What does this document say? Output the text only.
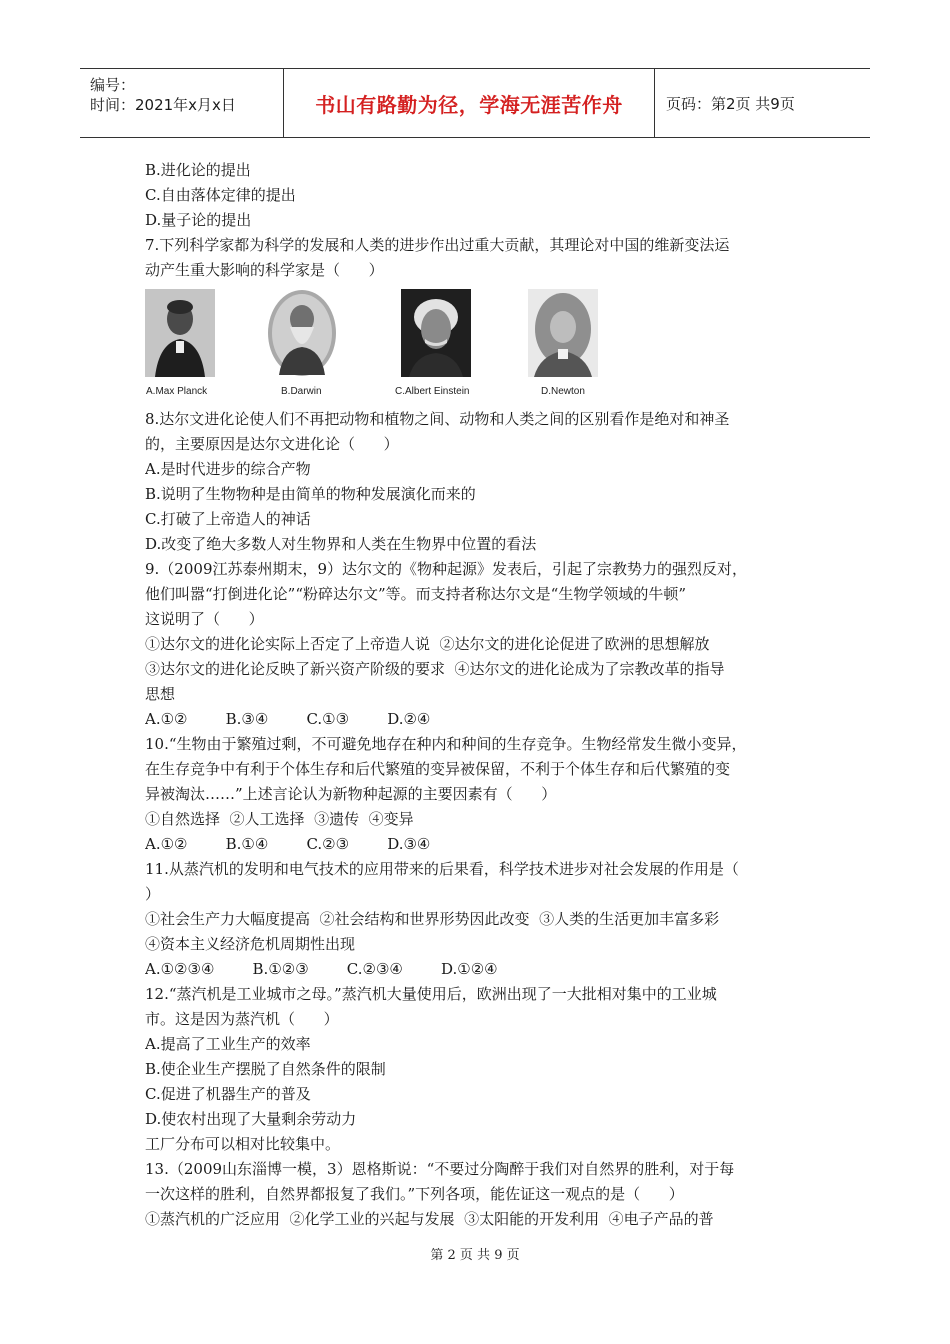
编号：
时间：2021年x月x日	书山有路勤为径，学海无涯苦作舟	页码：第2页 共9页
B.进化论的提出
C.自由落体定律的提出
D.量子论的提出
7.下列科学家都为科学的发展和人类的进步作出过重大贡献，其理论对中国的维新变法运
动产生重大影响的科学家是（      ）
A.Max Planck	B.Darwin	C.Albert Einstein	D.Newton
8.达尔文进化论使人们不再把动物和植物之间、动物和人类之间的区别看作是绝对和神圣
的，主要原因是达尔文进化论（      ）
A.是时代进步的综合产物
B.说明了生物物种是由简单的物种发展演化而来的
C.打破了上帝造人的神话
D.改变了绝大多数人对生物界和人类在生物界中位置的看法
9.（2009江苏泰州期末，9）达尔文的《物种起源》发表后，引起了宗教势力的强烈反对，
他们叫嚣“打倒进化论”“粉碎达尔文”等。而支持者称达尔文是“生物学领域的牛顿”
这说明了（      ）
①达尔文的进化论实际上否定了上帝造人说  ②达尔文的进化论促进了欧洲的思想解放
③达尔文的进化论反映了新兴资产阶级的要求  ④达尔文的进化论成为了宗教改革的指导
思想
A.①②        B.③④        C.①③        D.②④
10.“生物由于繁殖过剩，不可避免地存在种内和种间的生存竞争。生物经常发生微小变异，
在生存竞争中有利于个体生存和后代繁殖的变异被保留，不利于个体生存和后代繁殖的变
异被淘汰……”上述言论认为新物种起源的主要因素有（      ）
①自然选择  ②人工选择  ③遗传  ④变异
A.①②        B.①④        C.②③        D.③④
11.从蒸汽机的发明和电气技术的应用带来的后果看，科学技术进步对社会发展的作用是（
）
①社会生产力大幅度提高  ②社会结构和世界形势因此改变  ③人类的生活更加丰富多彩
④资本主义经济危机周期性出现
A.①②③④        B.①②③        C.②③④        D.①②④
12.“蒸汽机是工业城市之母。”蒸汽机大量使用后，欧洲出现了一大批相对集中的工业城
市。这是因为蒸汽机（      ）
A.提高了工业生产的效率
B.使企业生产摆脱了自然条件的限制
C.促进了机器生产的普及
D.使农村出现了大量剩余劳动力
工厂分布可以相对比较集中。
13.（2009山东淄博一模，3）恩格斯说：“不要过分陶醉于我们对自然界的胜利，对于每
一次这样的胜利，自然界都报复了我们。”下列各项，能佐证这一观点的是（      ）
①蒸汽机的广泛应用  ②化学工业的兴起与发展  ③太阳能的开发利用  ④电子产品的普
第 2 页 共 9 页
